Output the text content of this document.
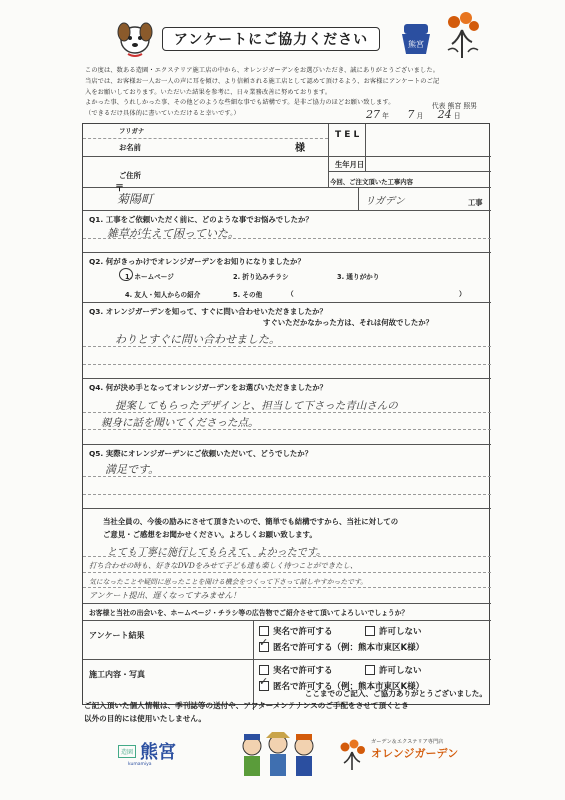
アンケートにご協力ください	熊宮

この度は、数ある造園・エクステリア施工店の中から、オレンジガーデンをお選びいただき、誠にありがとうございました。

当店では、お客様お一人お一人の声に耳を傾け、より信頼される施工店として認めて頂けるよう、お客様にアンケートのご記

入をお願いしております。いただいた結果を参考に、日々業務改善に努めております。

よかった事、うれしかった事、その他どのような些細な事でも結構です。是非ご協力のほどお願い致します。

（できるだけ具体的に書いていただけると幸いです。）

代表 熊宮 照男
27 年 7 月 24 日
フリガナ
お名前	様
T E L
生年月日
ご住所
〒
菊陽町
今回、ご注文頂いた工事内容
リガデン	工事
Q1. 工事をご依頼いただく前に、どのような事でお悩みでしたか？
雑草が生えて困っていた。
Q2. 何がきっかけでオレンジガーデンをお知りになりましたか？
1. ホームページ	2. 折り込みチラシ	3. 通りがかり
4. 友人・知人からの紹介	5. その他	（	）
Q3. オレンジガーデンを知って、すぐに問い合わせいただきましたか？
すぐいただかなかった方は、それは何故でしたか？
わりとすぐに問い合わせました。
Q4. 何が決め手となってオレンジガーデンをお選びいただきましたか？
提案してもらったデザインと、担当して下さった青山さんの
親身に話を聞いてくださった点。
Q5. 実際にオレンジガーデンにご依頼いただいて、どうでしたか？
満足です。
当社全員の、今後の励みにさせて頂きたいので、簡単でも結構ですから、当社に対しての
ご意見・ご感想をお聞かせください。よろしくお願い致します。
とても丁寧に施行してもらえて、よかったです。
打ち合わせの時も、好きなDVDをみせて子ども達も楽しく待つことができたし、
気になったことや疑問に思ったことを聞ける機会をつくって下さって話しやすかったです。
アンケート提出、遅くなってすみません！
お客様と当社の出会いを、ホームページ・チラシ等の広告物でご紹介させて頂いてよろしいでしょうか？
アンケート結果	実名で許可する	許可しない
✓ 匿名で許可する（例：熊本市東区K様）
施工内容・写真	実名で許可する	許可しない
✓ 匿名で許可する（例：熊本市東区K様）
ここまでのご記入、ご協力ありがとうございました。
ご記入頂いた個人情報は、季刊誌等の送付や、アフターメンテナンスのご手配をさせて頂くとき
以外の目的には使用いたしません。
造園 熊宮
kumamiya
ガーデン＆エクステリア専門店
オレンジガーデン
